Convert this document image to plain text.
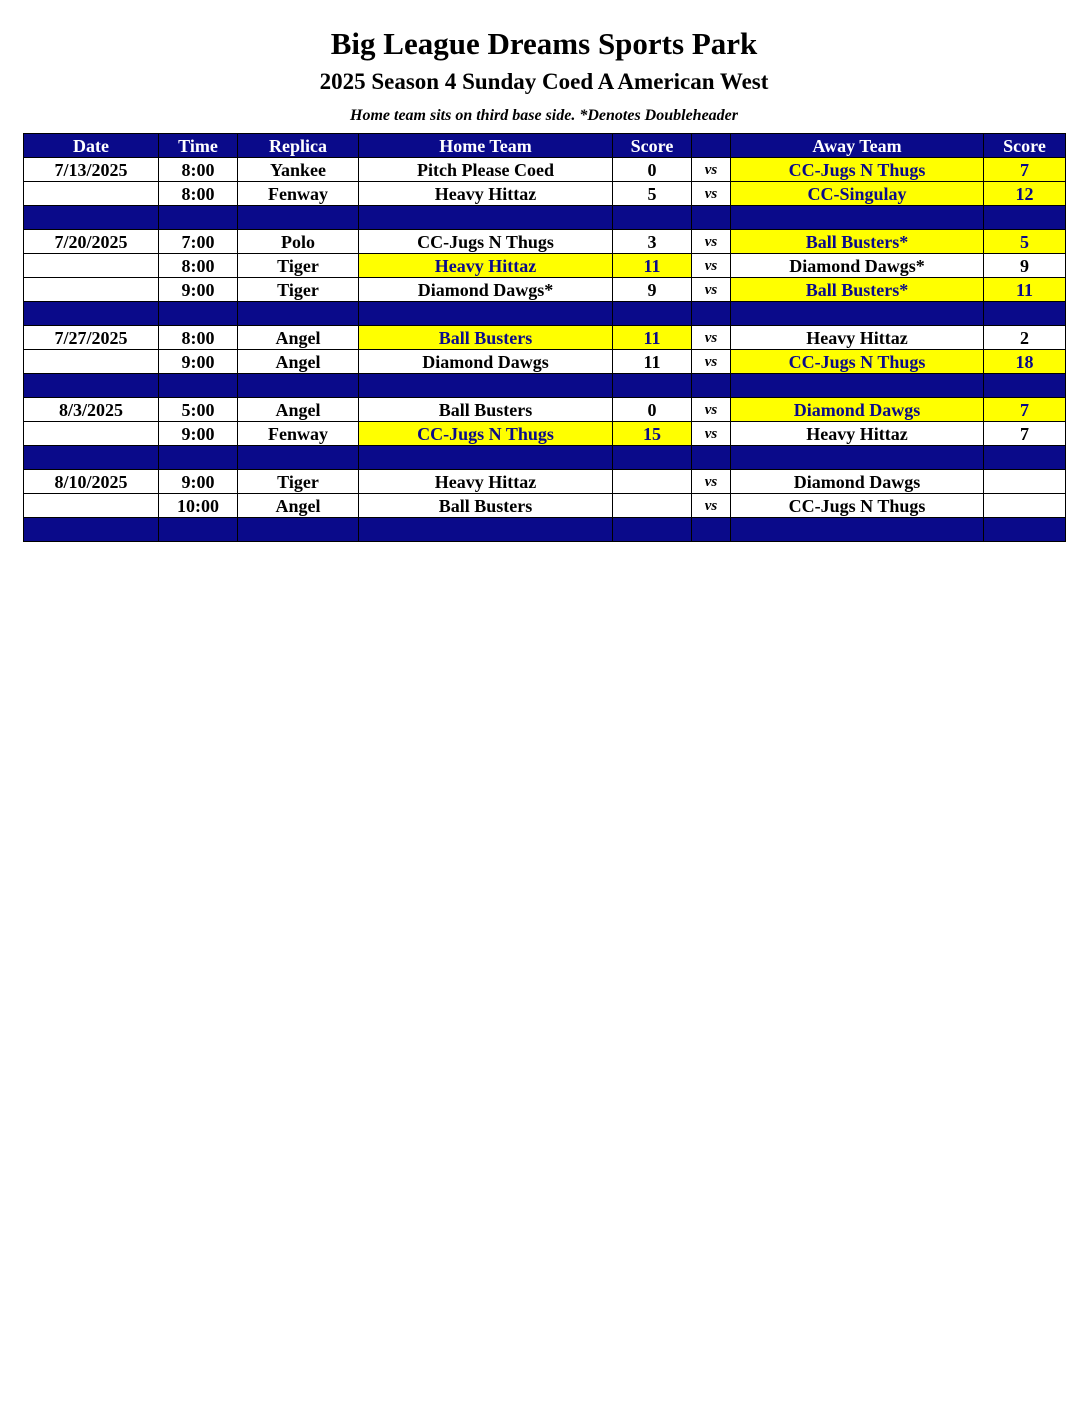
Big League Dreams Sports Park
2025 Season 4 Sunday Coed A American West
Home team sits on third base side. *Denotes Doubleheader
Date	Time	Replica	Home Team	Score		Away Team	Score
7/13/2025	8:00	Yankee	Pitch Please Coed	0	vs	CC-Jugs N Thugs	7
	8:00	Fenway	Heavy Hittaz	5	vs	CC-Singulay	12

7/20/2025	7:00	Polo	CC-Jugs N Thugs	3	vs	Ball Busters*	5
	8:00	Tiger	Heavy Hittaz	11	vs	Diamond Dawgs*	9
	9:00	Tiger	Diamond Dawgs*	9	vs	Ball Busters*	11

7/27/2025	8:00	Angel	Ball Busters	11	vs	Heavy Hittaz	2
	9:00	Angel	Diamond Dawgs	11	vs	CC-Jugs N Thugs	18

8/3/2025	5:00	Angel	Ball Busters	0	vs	Diamond Dawgs	7
	9:00	Fenway	CC-Jugs N Thugs	15	vs	Heavy Hittaz	7

8/10/2025	9:00	Tiger	Heavy Hittaz		vs	Diamond Dawgs	
	10:00	Angel	Ball Busters		vs	CC-Jugs N Thugs	
